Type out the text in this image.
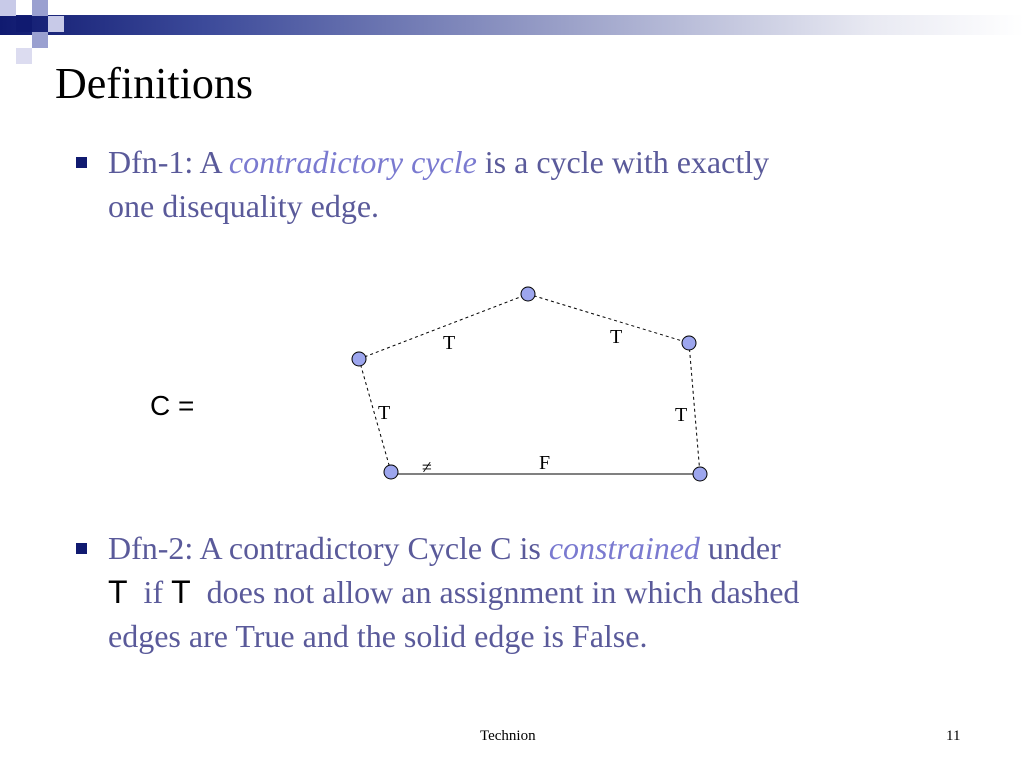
Definitions
Dfn-1: A contradictory cycle is a cycle with exactly
one disequality edge.
C =
T	T
T	T
F
≠
Dfn-2: A contradictory Cycle C is constrained under
T  if T  does not allow an assignment in which dashed
edges are True and the solid edge is False.
Technion	11
